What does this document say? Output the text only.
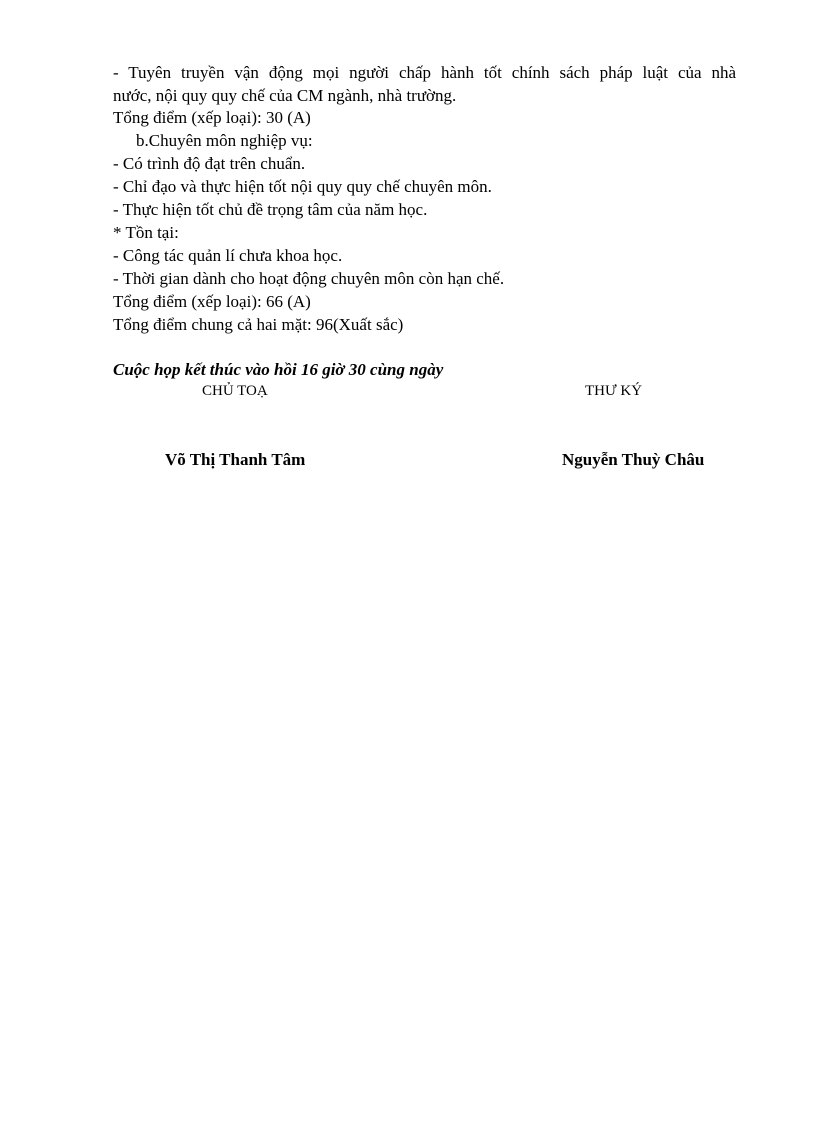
- Tuyên truyền vận động mọi người chấp hành tốt chính sách pháp luật của nhà
nước, nội quy quy chế của CM ngành, nhà trường.
Tổng điểm (xếp loại): 30 (A)
b.Chuyên môn nghiệp vụ:
- Có trình độ đạt trên chuẩn.
- Chỉ đạo và thực hiện tốt nội quy quy chế chuyên môn.
- Thực hiện tốt chủ đề trọng tâm của năm học.
* Tồn tại:
- Công tác quản lí chưa khoa học.
- Thời gian dành cho hoạt động chuyên môn còn hạn chế.
Tổng điểm (xếp loại): 66 (A)
Tổng điểm chung cả hai mặt: 96(Xuất sắc)
Cuộc họp kết thúc vào hồi 16 giờ 30 cùng ngày
CHỦ TOẠ	THƯ KÝ
Võ Thị Thanh Tâm	Nguyễn Thuỳ Châu
